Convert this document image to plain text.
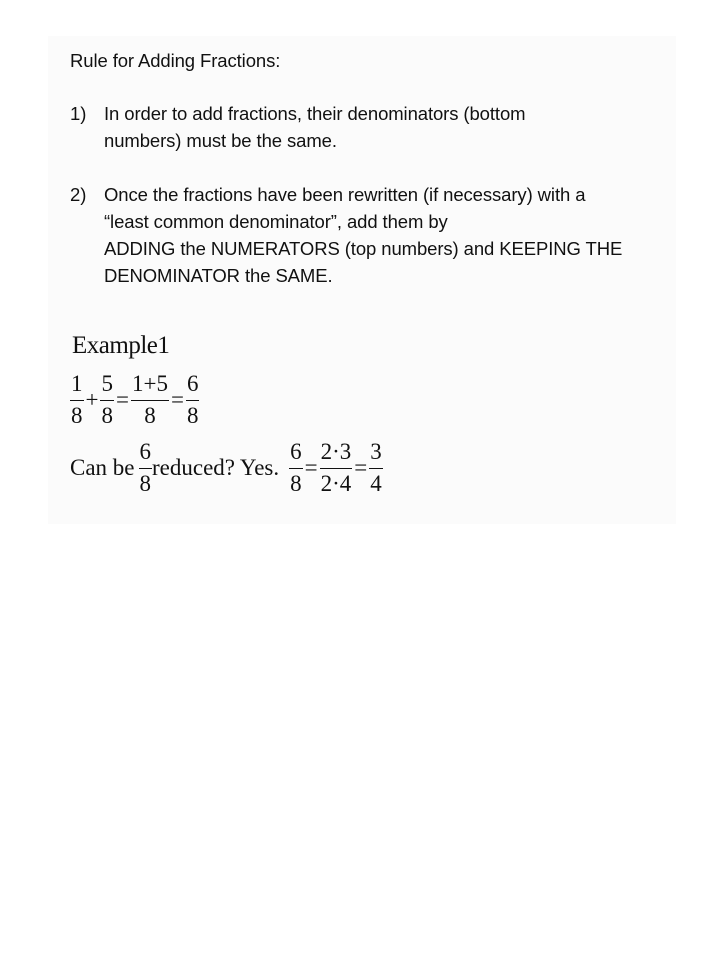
Rule for Adding Fractions:
1) In order to add fractions, their denominators (bottom
numbers) must be the same.
2) Once the fractions have been rewritten (if necessary) with a
“least common denominator”, add them by
ADDING the NUMERATORS (top numbers) and KEEPING THE
DENOMINATOR the SAME.
Example1
$\frac{1}{8} + \frac{5}{8} = \frac{1+5}{8} = \frac{6}{8}$
Can be $\frac{6}{8}$ reduced? Yes. $\frac{6}{8} = \frac{2\cdot 3}{2\cdot 4} = \frac{3}{4}$
